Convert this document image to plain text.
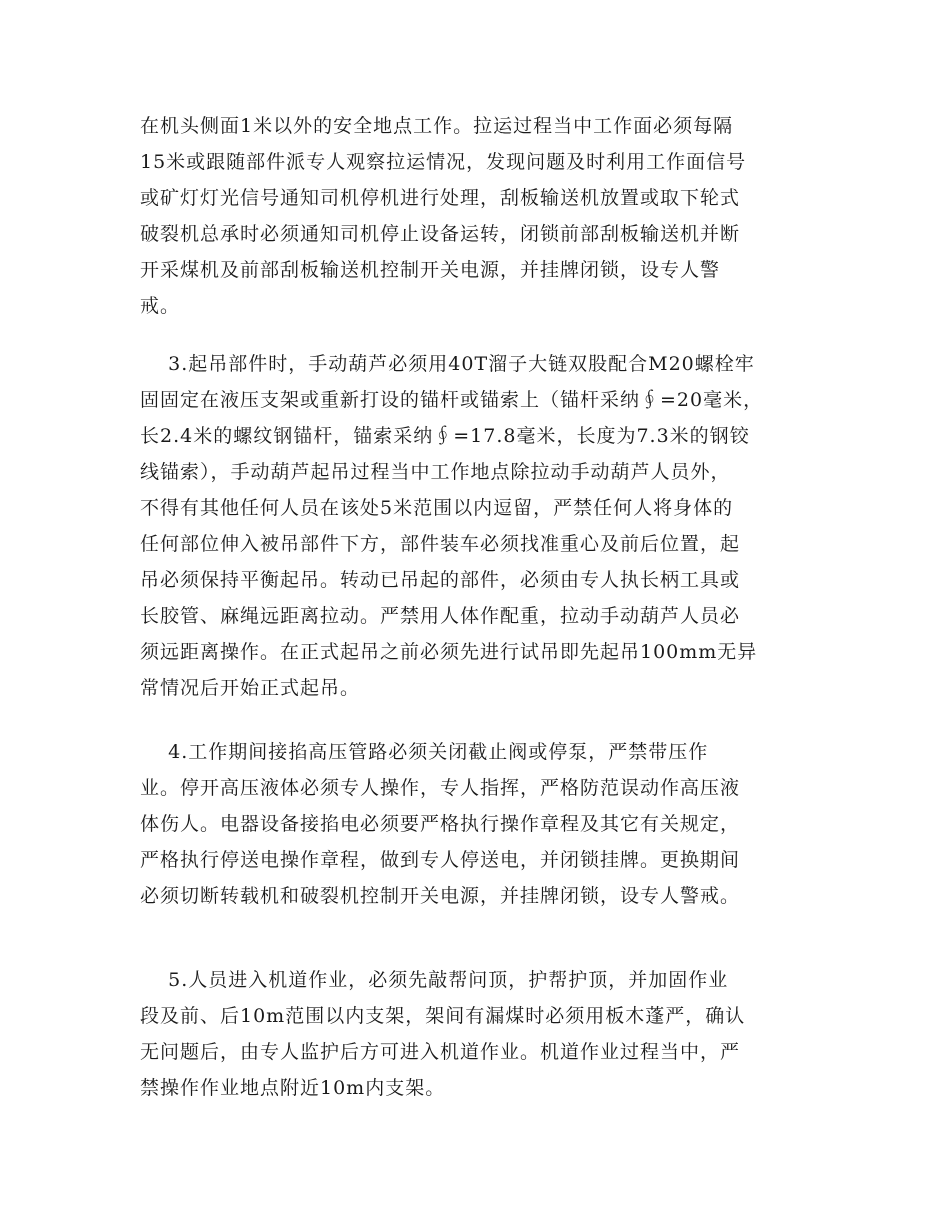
在机头侧面1米以外的安全地点工作。拉运过程当中工作面必须每隔
15米或跟随部件派专人观察拉运情况，发现问题及时利用工作面信号
或矿灯灯光信号通知司机停机进行处理，刮板输送机放置或取下轮式
破裂机总承时必须通知司机停止设备运转，闭锁前部刮板输送机并断
开采煤机及前部刮板输送机控制开关电源，并挂牌闭锁，设专人警
戒。
3.起吊部件时，手动葫芦必须用40T溜子大链双股配合M20螺栓牢
固固定在液压支架或重新打设的锚杆或锚索上（锚杆采纳∮=20毫米，
长2.4米的螺纹钢锚杆，锚索采纳∮=17.8毫米，长度为7.3米的钢铰
线锚索），手动葫芦起吊过程当中工作地点除拉动手动葫芦人员外，
不得有其他任何人员在该处5米范围以内逗留，严禁任何人将身体的
任何部位伸入被吊部件下方，部件装车必须找准重心及前后位置，起
吊必须保持平衡起吊。转动已吊起的部件，必须由专人执长柄工具或
长胶管、麻绳远距离拉动。严禁用人体作配重，拉动手动葫芦人员必
须远距离操作。在正式起吊之前必须先进行试吊即先起吊100mm无异
常情况后开始正式起吊。
4.工作期间接掐高压管路必须关闭截止阀或停泵，严禁带压作
业。停开高压液体必须专人操作，专人指挥，严格防范误动作高压液
体伤人。电器设备接掐电必须要严格执行操作章程及其它有关规定，
严格执行停送电操作章程，做到专人停送电，并闭锁挂牌。更换期间
必须切断转载机和破裂机控制开关电源，并挂牌闭锁，设专人警戒。
5.人员进入机道作业，必须先敲帮问顶，护帮护顶，并加固作业
段及前、后10m范围以内支架，架间有漏煤时必须用板木蓬严，确认
无问题后，由专人监护后方可进入机道作业。机道作业过程当中，严
禁操作作业地点附近10m内支架。
